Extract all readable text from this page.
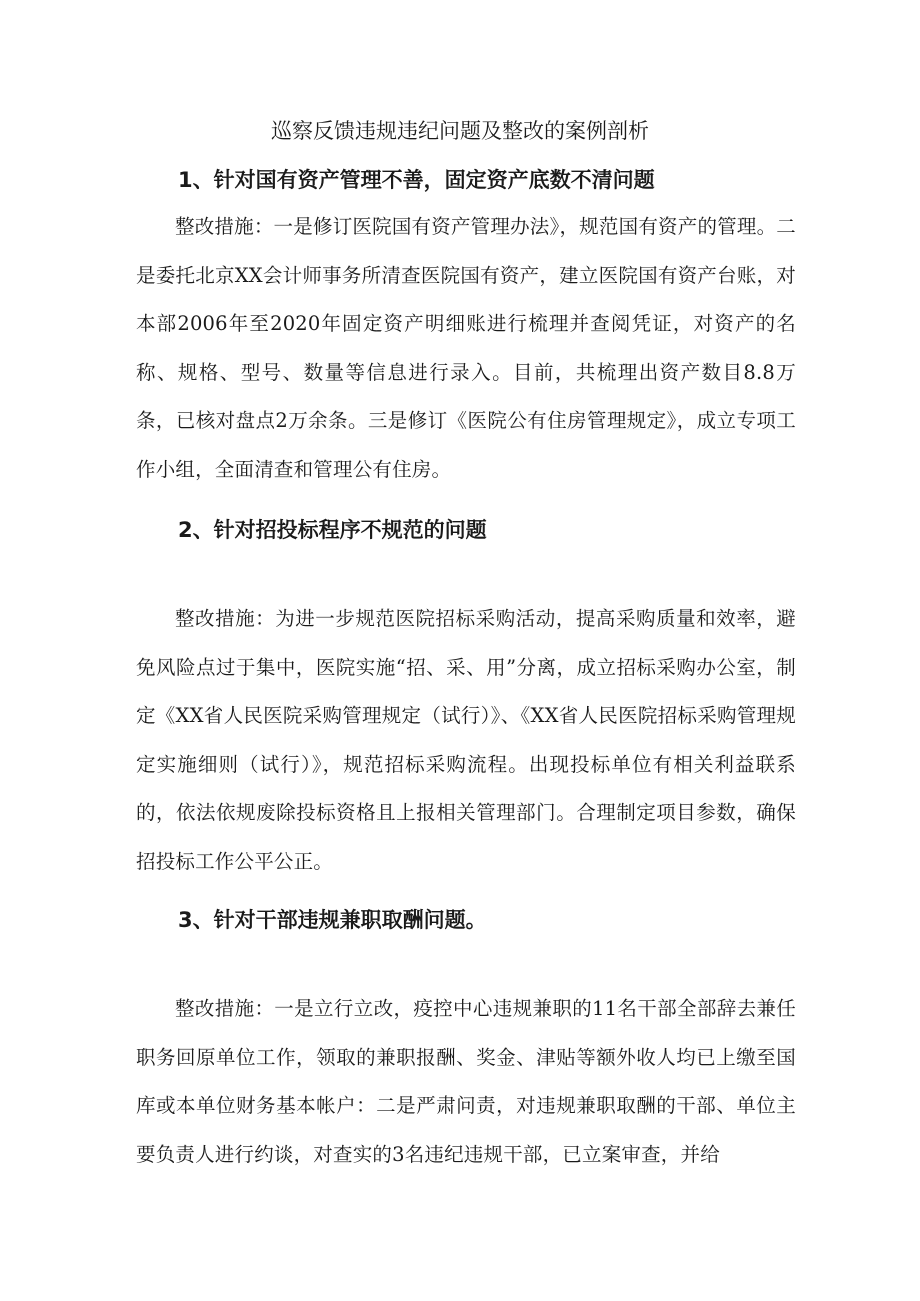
巡察反馈违规违纪问题及整改的案例剖析
1、针对国有资产管理不善，固定资产底数不清问题

整改措施：一是修订医院国有资产管理办法》，规范国有资产的管理。二是委托北京XX会计师事务所清查医院国有资产，建立医院国有资产台账，对本部2006年至2020年固定资产明细账进行梳理并查阅凭证，对资产的名称、规格、型号、数量等信息进行录入。目前，共梳理出资产数目8.8万条，已核对盘点2万余条。三是修订《医院公有住房管理规定》，成立专项工作小组，全面清查和管理公有住房。

2、针对招投标程序不规范的问题

整改措施：为进一步规范医院招标采购活动，提高采购质量和效率，避免风险点过于集中，医院实施“招、采、用”分离，成立招标采购办公室，制定《XX省人民医院采购管理规定（试行）》、《XX省人民医院招标采购管理规定实施细则（试行）》，规范招标采购流程。出现投标单位有相关利益联系的，依法依规废除投标资格且上报相关管理部门。合理制定项目参数，确保招投标工作公平公正。

3、针对干部违规兼职取酬问题。

整改措施：一是立行立改，疫控中心违规兼职的11名干部全部辞去兼任职务回原单位工作，领取的兼职报酬、奖金、津贴等额外收人均已上缴至国库或本单位财务基本帐户：二是严肃问责，对违规兼职取酬的干部、单位主要负责人进行约谈，对查实的3名违纪违规干部，已立案审查，并给
